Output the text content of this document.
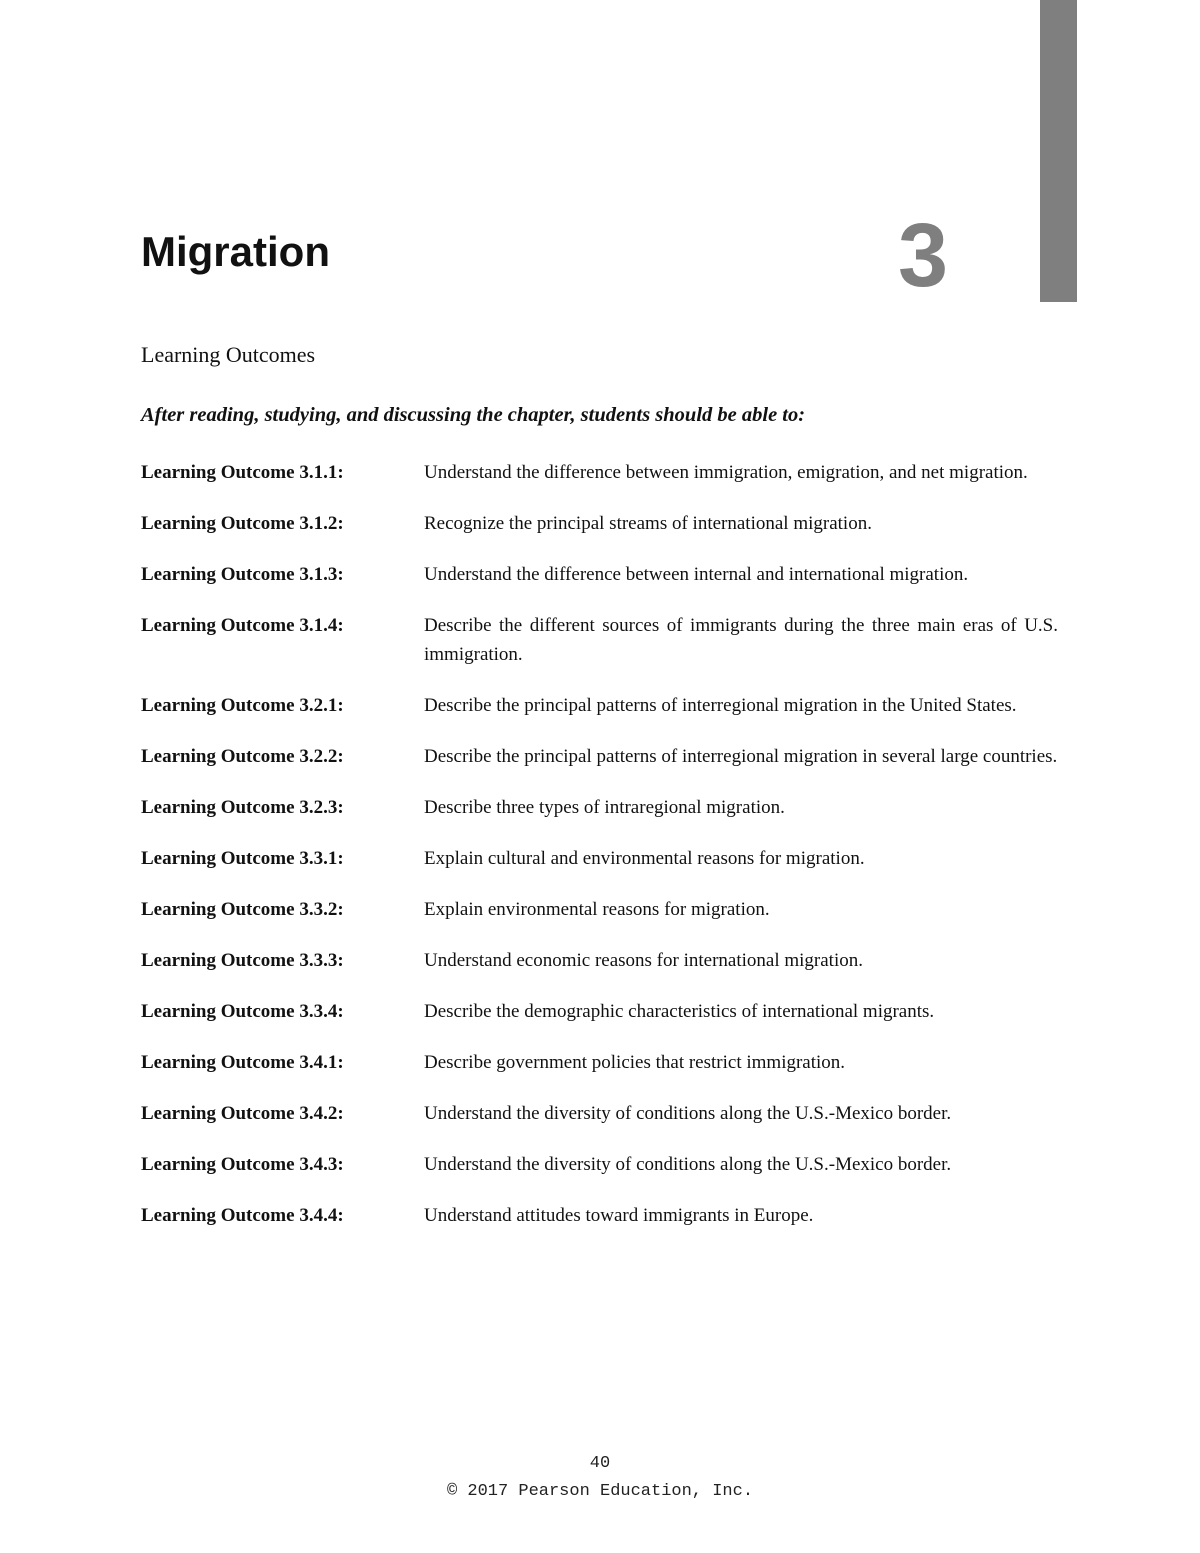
Migration	3
Learning Outcomes

After reading, studying, and discussing the chapter, students should be able to:

Learning Outcome 3.1.1:	Understand the difference between immigration, emigration, and net migration.
Learning Outcome 3.1.2:	Recognize the principal streams of international migration.
Learning Outcome 3.1.3:	Understand the difference between internal and international migration.
Learning Outcome 3.1.4:	Describe the different sources of immigrants during the three main eras of U.S. immigration.
Learning Outcome 3.2.1:	Describe the principal patterns of interregional migration in the United States.
Learning Outcome 3.2.2:	Describe the principal patterns of interregional migration in several large countries.
Learning Outcome 3.2.3:	Describe three types of intraregional migration.
Learning Outcome 3.3.1:	Explain cultural and environmental reasons for migration.
Learning Outcome 3.3.2:	Explain environmental reasons for migration.
Learning Outcome 3.3.3:	Understand economic reasons for international migration.
Learning Outcome 3.3.4:	Describe the demographic characteristics of international migrants.
Learning Outcome 3.4.1:	Describe government policies that restrict immigration.
Learning Outcome 3.4.2:	Understand the diversity of conditions along the U.S.-Mexico border.
Learning Outcome 3.4.3:	Understand the diversity of conditions along the U.S.-Mexico border.
Learning Outcome 3.4.4:	Understand attitudes toward immigrants in Europe.
40
© 2017 Pearson Education, Inc.
